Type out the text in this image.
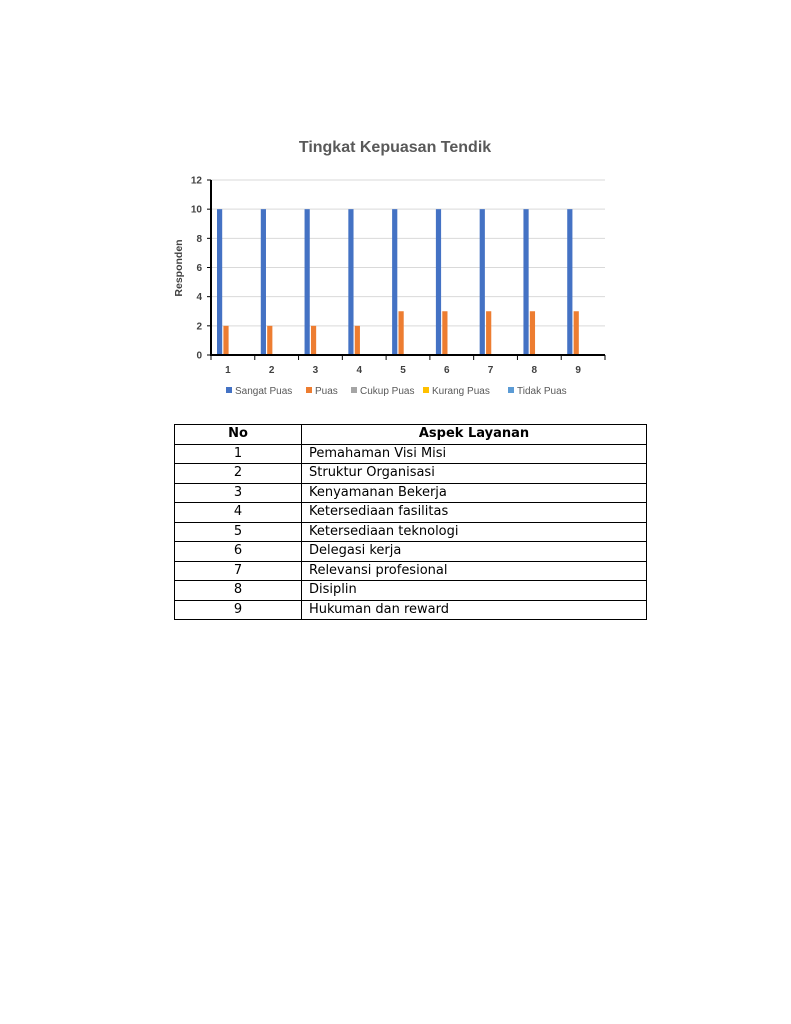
Tingkat Kepuasan Tendik
Responden
0
2
4
6
8
10
12
1	2	3	4	5	6	7	8	9
Sangat Puas Puas Cukup Puas Kurang Puas	Tidak Puas
No	Aspek Layanan
1	Pemahaman Visi Misi
2	Struktur Organisasi
3	Kenyamanan Bekerja
4	Ketersediaan fasilitas
5	Ketersediaan teknologi
6	Delegasi kerja
7	Relevansi profesional
8	Disiplin
9	Hukuman dan reward
